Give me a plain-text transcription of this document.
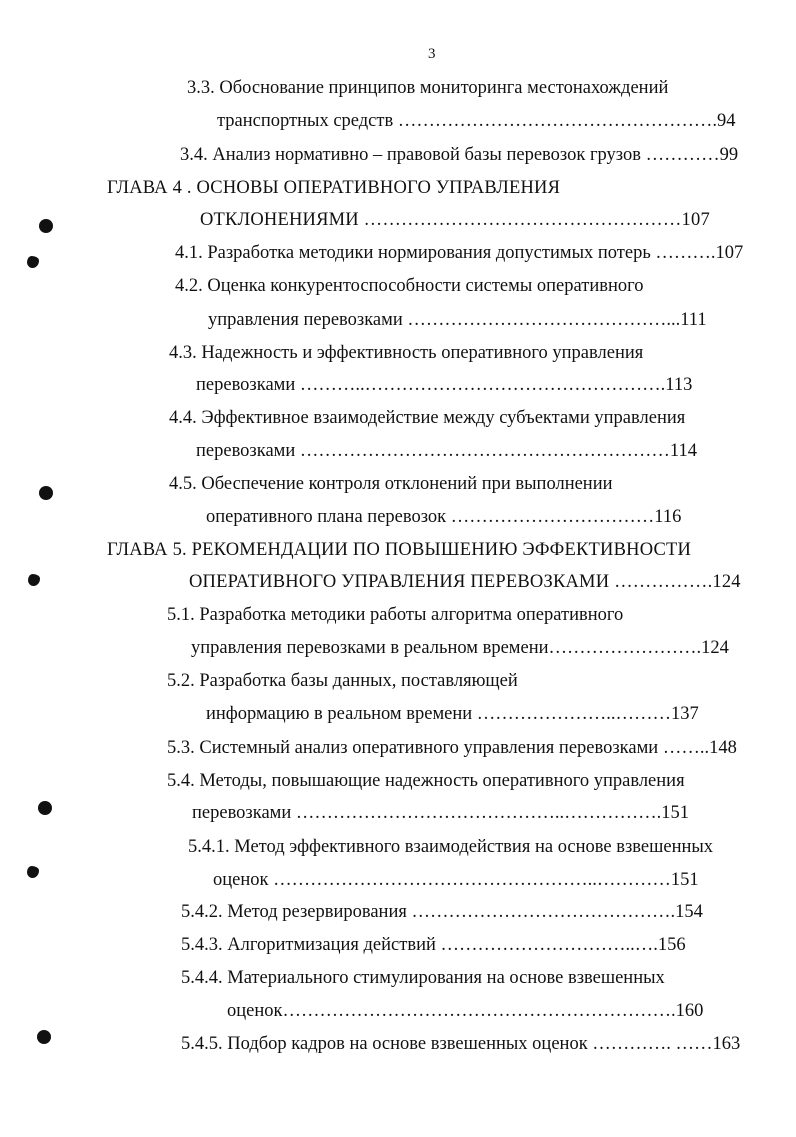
3
3.3. Обоснование принципов мониторинга местонахождений
транспортных средств …………………………………………….94
3.4. Анализ нормативно – правовой базы перевозок грузов …………99
ГЛАВА 4 . ОСНОВЫ ОПЕРАТИВНОГО УПРАВЛЕНИЯ
ОТКЛОНЕНИЯМИ ……………………………………………107
4.1. Разработка методики нормирования допустимых потерь ……….107
4.2. Оценка конкурентоспособности системы оперативного
управления перевозками ……………………………………...111
4.3. Надежность и эффективность оперативного управления
перевозками ………..………………………………………….113
4.4. Эффективное взаимодействие между субъектами управления
перевозками ……………………………………………………114
4.5. Обеспечение контроля отклонений при выполнении
оперативного плана перевозок ……………………………116
ГЛАВА 5. РЕКОМЕНДАЦИИ ПО ПОВЫШЕНИЮ ЭФФЕКТИВНОСТИ
ОПЕРАТИВНОГО УПРАВЛЕНИЯ ПЕРЕВОЗКАМИ …………….124
5.1. Разработка методики работы алгоритма оперативного
управления перевозками в реальном времени…………………….124
5.2. Разработка базы данных, поставляющей
информацию в реальном времени …………………..………137
5.3. Системный анализ оперативного управления перевозками ……..148
5.4. Методы, повышающие надежность оперативного управления
перевозками ……………………………………..…………….151
5.4.1. Метод эффективного взаимодействия на основе взвешенных
оценок ……………………………………………..…………151
5.4.2. Метод резервирования …………………………………….154
5.4.3. Алгоритмизация действий …………………………..….156
5.4.4. Материального стимулирования на основе взвешенных
оценок……………………………………………………….160
5.4.5. Подбор кадров на основе взвешенных оценок …………. ……163
